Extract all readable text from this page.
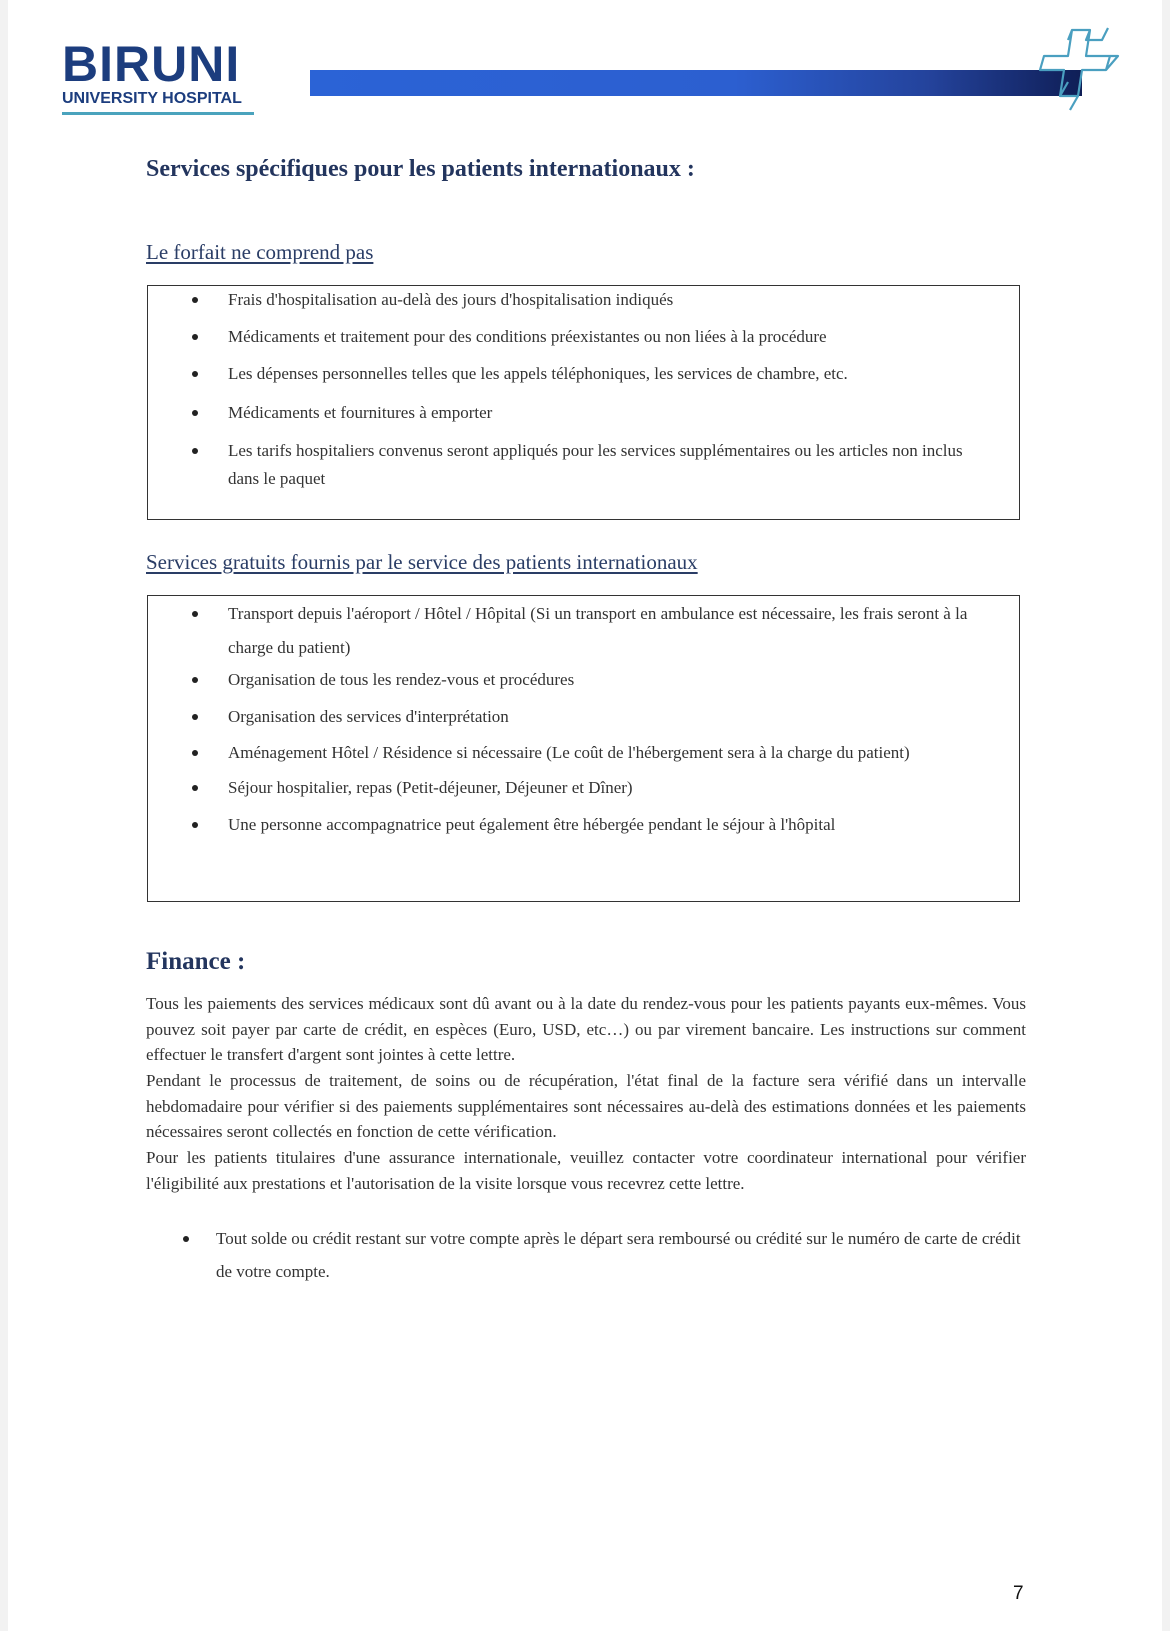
BIRUNI
UNIVERSITY HOSPITAL
Services spécifiques pour les patients internationaux :
Le forfait ne comprend pas
Frais d'hospitalisation au-delà des jours d'hospitalisation indiqués
Médicaments et traitement pour des conditions préexistantes ou non liées à la procédure
Les dépenses personnelles telles que les appels téléphoniques, les services de chambre, etc.
Médicaments et fournitures à emporter
Les tarifs hospitaliers convenus seront appliqués pour les services supplémentaires ou les articles non inclus dans le paquet
Services gratuits fournis par le service des patients internationaux
Transport depuis l'aéroport / Hôtel / Hôpital (Si un transport en ambulance est nécessaire, les frais seront à la charge du patient)
Organisation de tous les rendez-vous et procédures
Organisation des services d'interprétation
Aménagement Hôtel / Résidence si nécessaire (Le coût de l'hébergement sera à la charge du patient)
Séjour hospitalier, repas (Petit-déjeuner, Déjeuner et Dîner)
Une personne accompagnatrice peut également être hébergée pendant le séjour à l'hôpital
Finance :

Tous les paiements des services médicaux sont dû avant ou à la date du rendez-vous pour les patients payants eux-mêmes. Vous pouvez soit payer par carte de crédit, en espèces (Euro, USD, etc…) ou par virement bancaire. Les instructions sur comment effectuer le transfert d'argent sont jointes à cette lettre.

Pendant le processus de traitement, de soins ou de récupération, l'état final de la facture sera vérifié dans un intervalle hebdomadaire pour vérifier si des paiements supplémentaires sont nécessaires au-delà des estimations données et les paiements nécessaires seront collectés en fonction de cette vérification.

Pour les patients titulaires d'une assurance internationale, veuillez contacter votre coordinateur international pour vérifier l'éligibilité aux prestations et l'autorisation de la visite lorsque vous recevrez cette lettre.

Tout solde ou crédit restant sur votre compte après le départ sera remboursé ou crédité sur le numéro de carte de crédit de votre compte.
7
